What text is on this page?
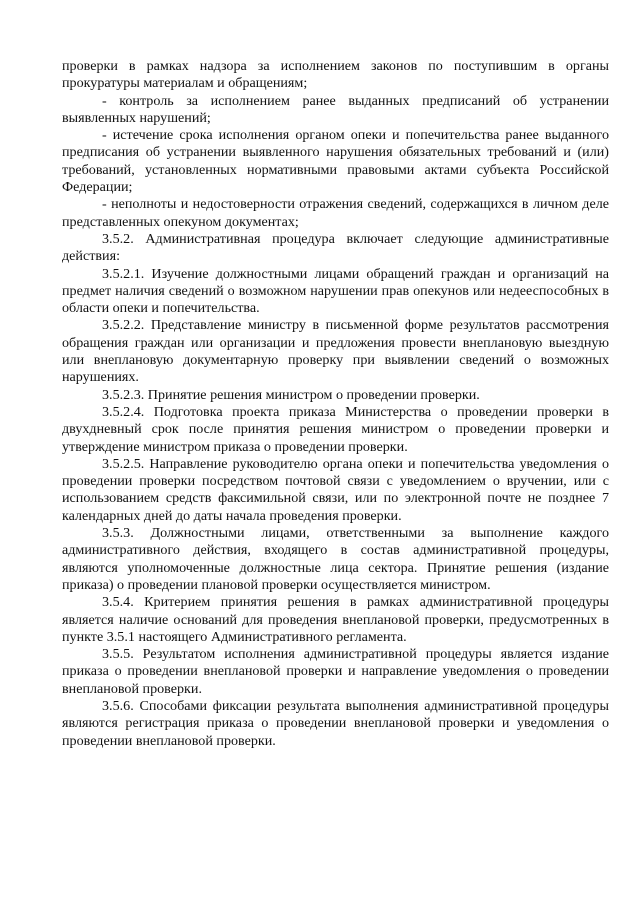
проверки в рамках надзора за исполнением законов по поступившим в органы прокуратуры материалам и обращениям;

- контроль за исполнением ранее выданных предписаний об устранении выявленных нарушений;

- истечение срока исполнения органом опеки и попечительства ранее выданного предписания об устранении выявленного нарушения обязательных требований и (или) требований, установленных нормативными правовыми актами субъекта Российской Федерации;

- неполноты и недостоверности отражения сведений, содержащихся в личном деле представленных опекуном документах;

3.5.2. Административная процедура включает следующие административные действия:

3.5.2.1. Изучение должностными лицами обращений граждан и организаций на предмет наличия сведений о возможном нарушении прав опекунов или недееспособных в области опеки и попечительства.

3.5.2.2. Представление министру в письменной форме результатов рассмотрения обращения граждан или организации и предложения провести внеплановую выездную или внеплановую документарную проверку при выявлении сведений о возможных нарушениях.

3.5.2.3. Принятие решения министром о проведении проверки.

3.5.2.4. Подготовка проекта приказа Министерства о проведении проверки в двухдневный срок после принятия решения министром о проведении проверки и утверждение министром приказа о проведении проверки.

3.5.2.5. Направление руководителю органа опеки и попечительства уведомления о проведении проверки посредством почтовой связи с уведомлением о вручении, или с использованием средств факсимильной связи, или по электронной почте не позднее 7 календарных дней до даты начала проведения проверки.

3.5.3. Должностными лицами, ответственными за выполнение каждого административного действия, входящего в состав административной процедуры, являются уполномоченные должностные лица сектора. Принятие решения (издание приказа) о проведении плановой проверки осуществляется министром.

3.5.4. Критерием принятия решения в рамках административной процедуры является наличие оснований для проведения внеплановой проверки, предусмотренных в пункте 3.5.1 настоящего Административного регламента.

3.5.5. Результатом исполнения административной процедуры является издание приказа о проведении внеплановой проверки и направление уведомления о проведении внеплановой проверки.

3.5.6. Способами фиксации результата выполнения административной процедуры являются регистрация приказа о проведении внеплановой проверки и уведомления о проведении внеплановой проверки.
